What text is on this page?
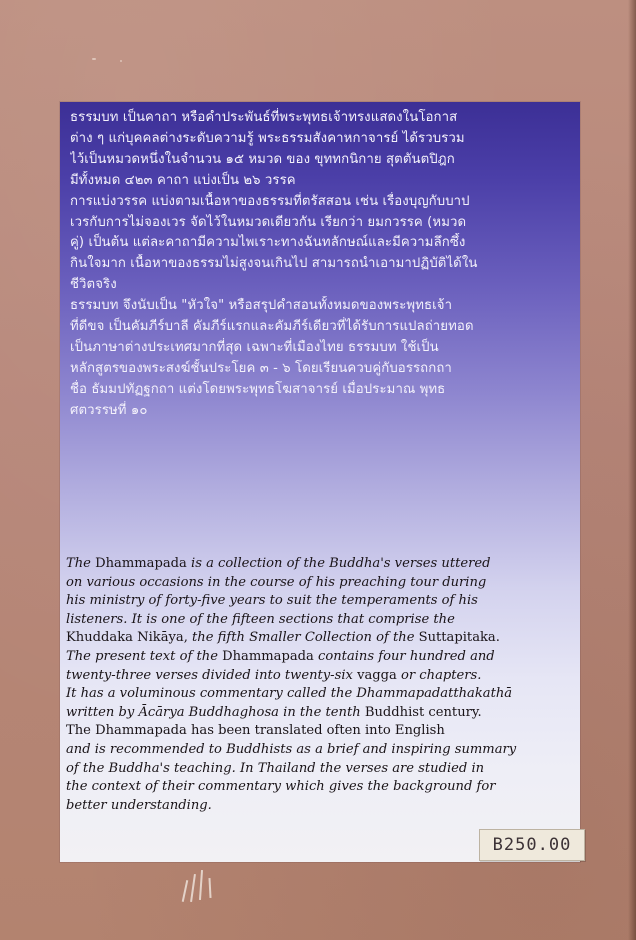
ธรรมบท เป็นคาถา หรือคำประพันธ์ที่พระพุทธเจ้าทรงแสดงในโอกาส

ต่าง ๆ แก่บุคคลต่างระดับความรู้ พระธรรมสังคาหกาจารย์ ได้รวบรวม

ไว้เป็นหมวดหนึ่งในจำนวน ๑๕ หมวด ของ ขุททกนิกาย สุตตันตปิฎก

มีทั้งหมด ๔๒๓ คาถา แบ่งเป็น ๒๖ วรรค

การแบ่งวรรค แบ่งตามเนื้อหาของธรรมที่ตรัสสอน เช่น เรื่องบุญกับบาป

เวรกับการไม่จองเวร จัดไว้ในหมวดเดียวกัน เรียกว่า ยมกวรรค (หมวด

คู่) เป็นต้น แต่ละคาถามีความไพเราะทางฉันทลักษณ์และมีความลึกซึ้ง

กินใจมาก เนื้อหาของธรรมไม่สูงจนเกินไป สามารถนำเอามาปฏิบัติได้ใน

ชีวิตจริง

ธรรมบท จึงนับเป็น "หัวใจ" หรือสรุปคำสอนทั้งหมดของพระพุทธเจ้า

ที่ดีขจ เป็นคัมภีร์บาลี คัมภีร์แรกและคัมภีร์เดียวที่ได้รับการแปลถ่ายทอด

เป็นภาษาต่างประเทศมากที่สุด เฉพาะที่เมืองไทย ธรรมบท ใช้เป็น

หลักสูตรของพระสงฆ์ชั้นประโยค ๓ - ๖ โดยเรียนควบคู่กับอรรถกถา

ชื่อ ธัมมปทัฏฐกถา แต่งโดยพระพุทธโฆสาจารย์ เมื่อประมาณ พุทธ

ศตวรรษที่ ๑๐

The Dhammapada is a collection of the Buddha's verses uttered

on various occasions in the course of his preaching tour during

his ministry of forty-five years to suit the temperaments of his

listeners. It is one of the fifteen sections that comprise the

Khuddaka Nikāya, the fifth Smaller Collection of the Suttapitaka.

The present text of the Dhammapada contains four hundred and

twenty-three verses divided into twenty-six vagga or chapters.

It has a voluminous commentary called the Dhammapadatthakathā

written by Ācārya Buddhaghosa in the tenth Buddhist century.

The Dhammapada has been translated often into English

and is recommended to Buddhists as a brief and inspiring summary

of the Buddha's teaching. In Thailand the verses are studied in

the context of their commentary which gives the background for

better understanding.

B250.00
